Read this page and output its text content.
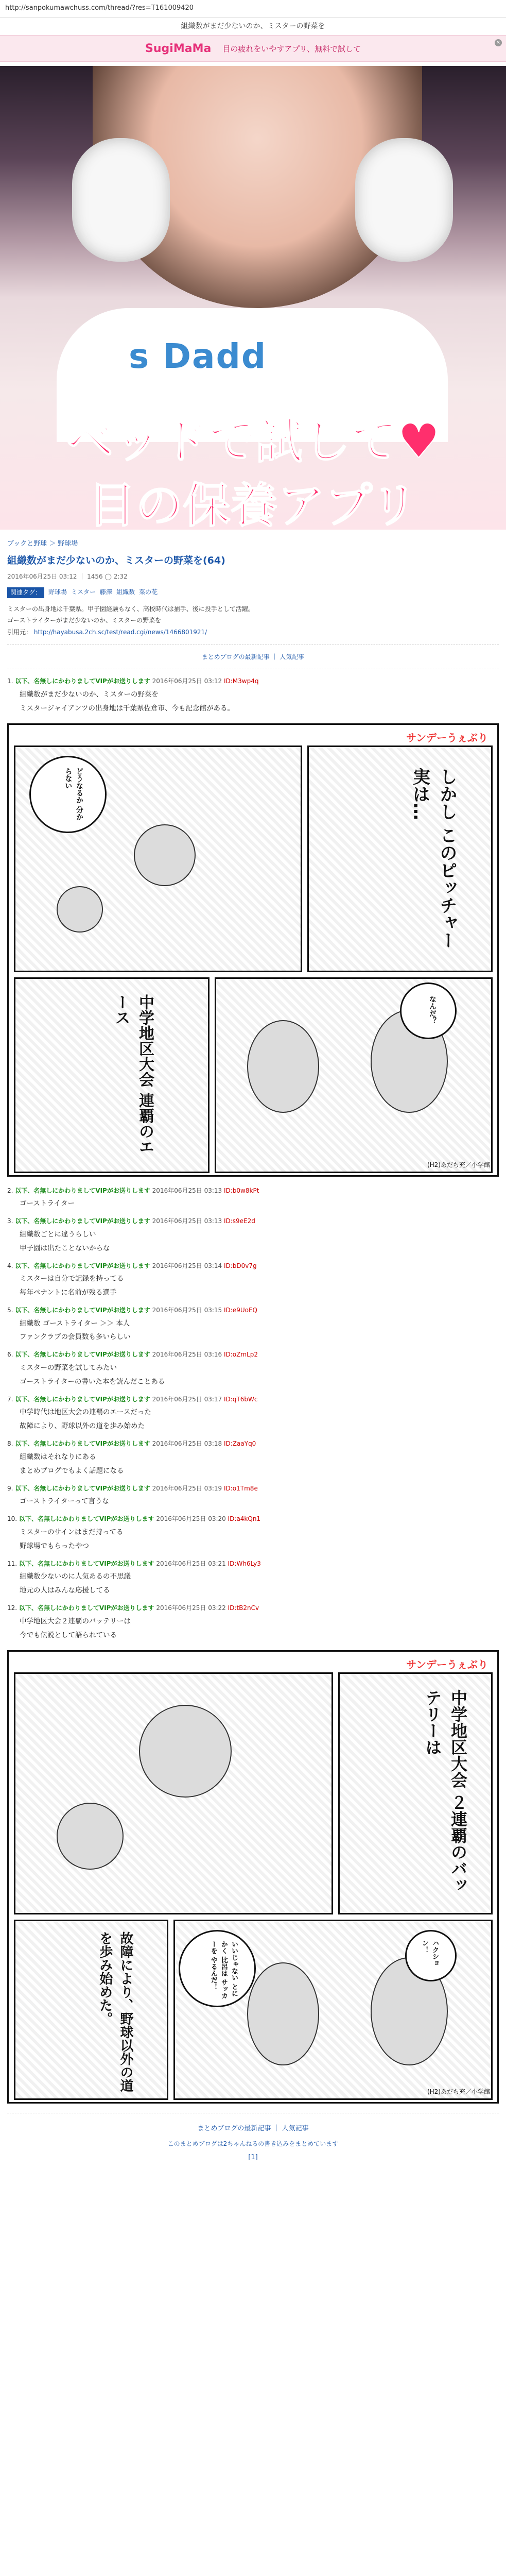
http://sanpokumawchuss.com/thread/?res=T161009420
組織数がまだ少ないのか、ミスターの野菜を
SugiMaMa 目の疲れをいやすアプリ、無料で試して
×
s Dadd
ベッドで試して♥
目の保養アプリ
ブックと野球 ＞ 野球場
組織数がまだ少ないのか、ミスターの野菜を(64)
2016年06月25日 03:12 ｜ 1456 ◯ 2:32
関連タグ：	野球場 ミスター 藤澤 組織数 菜の花
ミスターの出身地は千葉県。甲子園経験もなく、高校時代は捕手、後に投手として活躍。
ゴーストライターがまだ少ないのか、ミスターの野菜を
引用元： http://hayabusa.2ch.sc/test/read.cgi/news/1466801921/
まとめブログの最新記事 ｜ 人気記事
1. 以下、名無しにかわりましてVIPがお送りします 2016年06月25日 03:12 ID:M3wp4q

組織数がまだ少ないのか、ミスターの野菜を

ミスタージャイアンツの出身地は千葉県佐倉市、今も記念館がある。

サンデーうぇぶり
しかし このピッチャー実は…
どうなるか 分からない
中学地区大会 連覇のエース	なんだ？
(H2)あだち充／小学館
2. 以下、名無しにかわりましてVIPがお送りします 2016年06月25日 03:13 ID:b0w8kPt

ゴーストライター

3. 以下、名無しにかわりましてVIPがお送りします 2016年06月25日 03:13 ID:s9eE2d

組織数ごとに違うらしい

甲子園は出たことないからな

4. 以下、名無しにかわりましてVIPがお送りします 2016年06月25日 03:14 ID:bD0v7g

ミスターは自分で記録を持ってる

毎年ペナントに名前が残る選手

5. 以下、名無しにかわりましてVIPがお送りします 2016年06月25日 03:15 ID:e9UoEQ

組織数 ゴーストライター ＞＞ 本人

ファンクラブの会員数も多いらしい

6. 以下、名無しにかわりましてVIPがお送りします 2016年06月25日 03:16 ID:oZmLp2

ミスターの野菜を試してみたい

ゴーストライターの書いた本を読んだことある

7. 以下、名無しにかわりましてVIPがお送りします 2016年06月25日 03:17 ID:qT6bWc

中学時代は地区大会の連覇のエースだった

故障により、野球以外の道を歩み始めた

8. 以下、名無しにかわりましてVIPがお送りします 2016年06月25日 03:18 ID:ZaaYq0

組織数はそれなりにある

まとめブログでもよく話題になる

9. 以下、名無しにかわりましてVIPがお送りします 2016年06月25日 03:19 ID:o1Tm8e

ゴーストライターって言うな

10. 以下、名無しにかわりましてVIPがお送りします 2016年06月25日 03:20 ID:a4kQn1

ミスターのサインはまだ持ってる

野球場でもらったやつ

11. 以下、名無しにかわりましてVIPがお送りします 2016年06月25日 03:21 ID:Wh6Ly3

組織数少ないのに人気あるの不思議

地元の人はみんな応援してる

12. 以下、名無しにかわりましてVIPがお送りします 2016年06月25日 03:22 ID:tB2nCv

中学地区大会２連覇のバッテリーは

今でも伝説として語られている

サンデーうぇぶり
中学地区大会 ２連覇のバッテリーは
故障により、野球以外の道を歩み始めた。	いいじゃない とにかく 比呂は サッカーを やるんだ！	ハクション！
(H2)あだち充／小学館
まとめブログの最新記事 ｜ 人気記事
このまとめブログは2ちゃんねるの書き込みをまとめています
[1]
